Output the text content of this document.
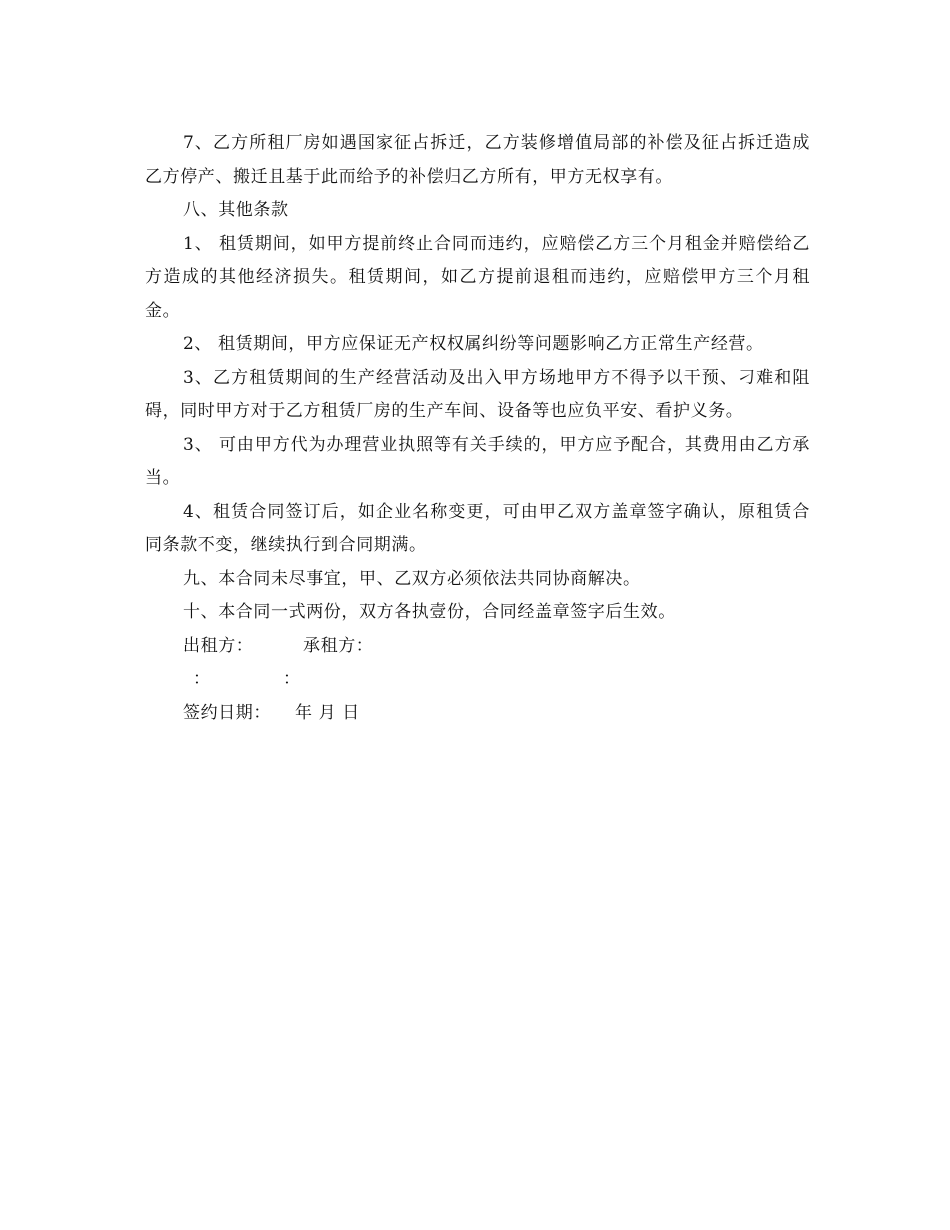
7、乙方所租厂房如遇国家征占拆迁，乙方装修增值局部的补偿及征占拆迁造成乙方停产、搬迁且基于此而给予的补偿归乙方所有，甲方无权享有。

八、其他条款

1、 租赁期间，如甲方提前终止合同而违约，应赔偿乙方三个月租金并赔偿给乙方造成的其他经济损失。租赁期间，如乙方提前退租而违约，应赔偿甲方三个月租金。

2、 租赁期间，甲方应保证无产权权属纠纷等问题影响乙方正常生产经营。

3、乙方租赁期间的生产经营活动及出入甲方场地甲方不得予以干预、刁难和阻碍，同时甲方对于乙方租赁厂房的生产车间、设备等也应负平安、看护义务。

3、 可由甲方代为办理营业执照等有关手续的，甲方应予配合，其费用由乙方承当。

4、租赁合同签订后，如企业名称变更，可由甲乙双方盖章签字确认，原租赁合同条款不变，继续执行到合同期满。

九、本合同未尽事宜，甲、乙双方必须依法共同协商解决。

十、本合同一式两份，双方各执壹份，合同经盖章签字后生效。

出租方：	承租方：

：	：

签约日期： 年 月 日
